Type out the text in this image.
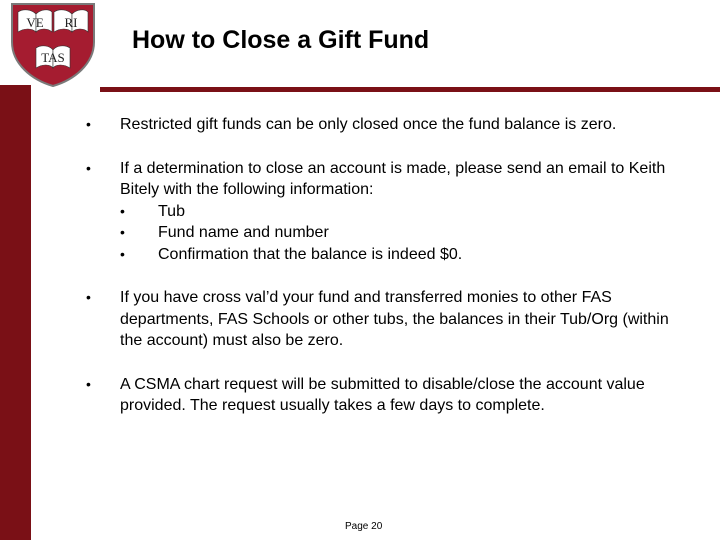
VE RI
TAS
How to Close a Gift Fund
• Restricted gift funds can be only closed once the fund balance is zero.
• If a determination to close an account is made, please send an email to Keith Bitely with the following information:
• Tub
• Fund name and number
• Confirmation that the balance is indeed $0.
• If you have cross val’d your fund and transferred monies to other FAS departments, FAS Schools or other tubs, the balances in their Tub/Org (within the account) must also be zero.
• A CSMA chart request will be submitted to disable/close the account value provided. The request usually takes a few days to complete.
Page 20
